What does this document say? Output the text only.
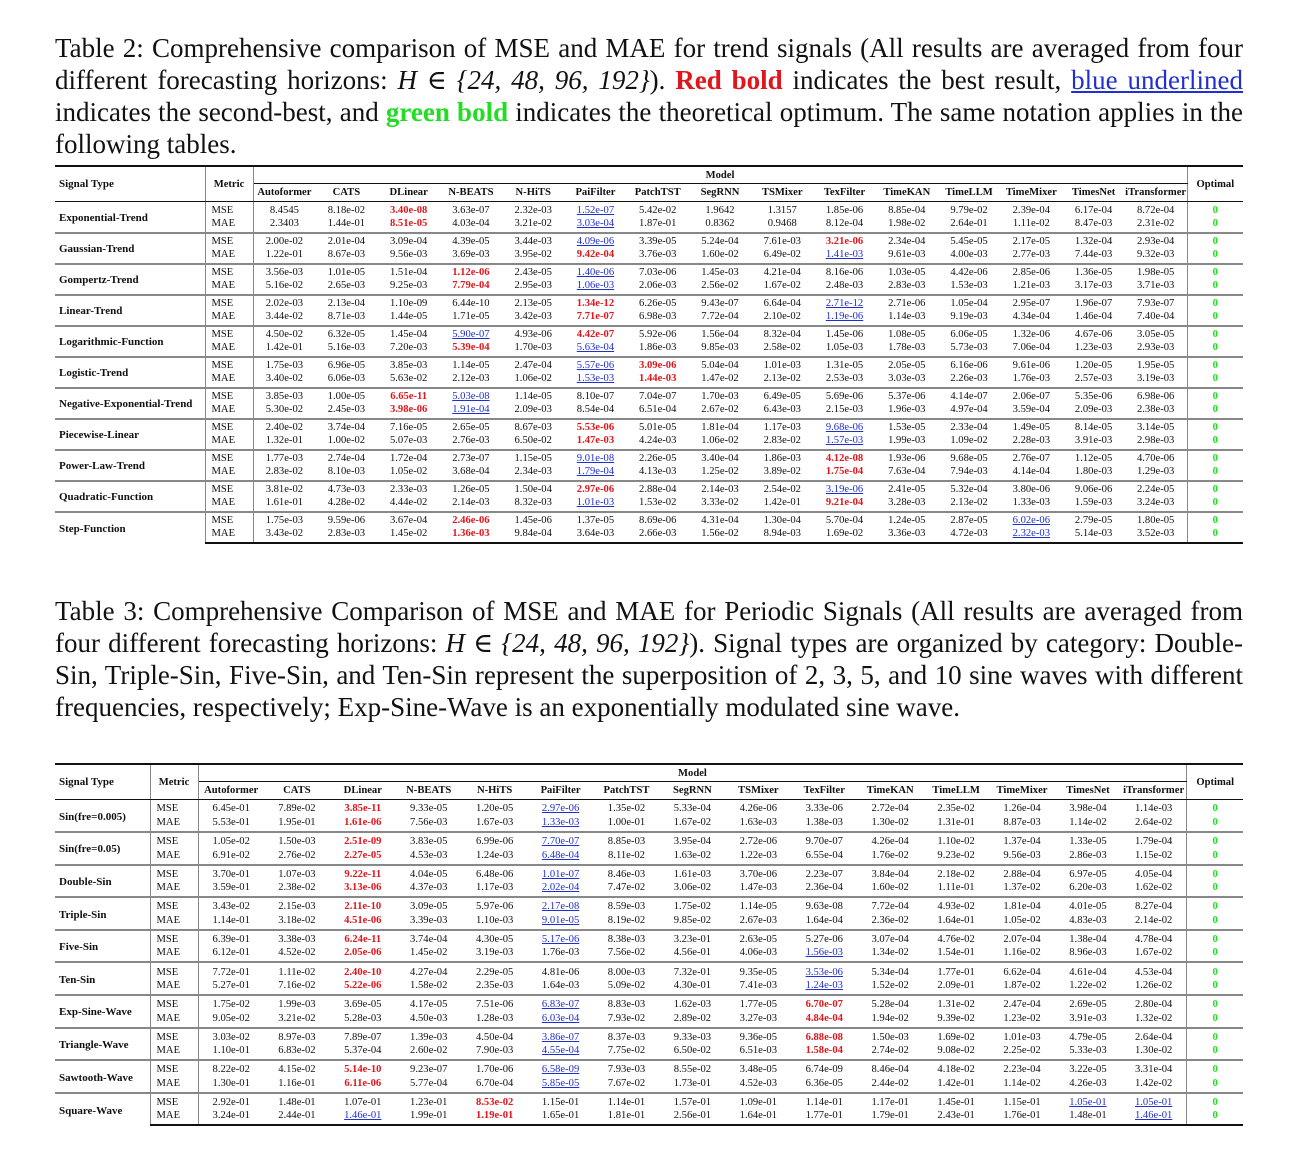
Table 2: Comprehensive comparison of MSE and MAE for trend signals (All results are averaged from four different forecasting horizons: H ∈ {24, 48, 96, 192}). Red bold indicates the best result, blue underlined indicates the second-best, and green bold indicates the theoretical optimum. The same notation applies in the following tables.
Signal Type	Metric	Model															Optimal
		Autoformer	CATS	DLinear	N-BEATS	N-HiTS	PaiFilter	PatchTST	SegRNN	TSMixer	TexFilter	TimeKAN	TimeLLM	TimeMixer	TimesNet	iTransformer	
Exponential-Trend	MSE	8.4545	8.18e-02	3.40e-08	3.63e-07	2.32e-03	1.52e-07	5.42e-02	1.9642	1.3157	1.85e-06	8.85e-04	9.79e-02	2.39e-04	6.17e-04	8.72e-04	0
	MAE	2.3403	1.44e-01	8.51e-05	4.03e-04	3.21e-02	3.03e-04	1.87e-01	0.8362	0.9468	8.12e-04	1.98e-02	2.64e-01	1.11e-02	8.47e-03	2.31e-02	0
Gaussian-Trend	MSE	2.00e-02	2.01e-04	3.09e-04	4.39e-05	3.44e-03	4.09e-06	3.39e-05	5.24e-04	7.61e-03	3.21e-06	2.34e-04	5.45e-05	2.17e-05	1.32e-04	2.93e-04	0
	MAE	1.22e-01	8.67e-03	9.56e-03	3.69e-03	3.95e-02	9.42e-04	3.76e-03	1.60e-02	6.49e-02	1.41e-03	9.61e-03	4.00e-03	2.77e-03	7.44e-03	9.32e-03	0
Gompertz-Trend	MSE	3.56e-03	1.01e-05	1.51e-04	1.12e-06	2.43e-05	1.40e-06	7.03e-06	1.45e-03	4.21e-04	8.16e-06	1.03e-05	4.42e-06	2.85e-06	1.36e-05	1.98e-05	0
	MAE	5.16e-02	2.65e-03	9.25e-03	7.79e-04	2.95e-03	1.06e-03	2.06e-03	2.56e-02	1.67e-02	2.48e-03	2.83e-03	1.53e-03	1.21e-03	3.17e-03	3.71e-03	0
Linear-Trend	MSE	2.02e-03	2.13e-04	1.10e-09	6.44e-10	2.13e-05	1.34e-12	6.26e-05	9.43e-07	6.64e-04	2.71e-12	2.71e-06	1.05e-04	2.95e-07	1.96e-07	7.93e-07	0
	MAE	3.44e-02	8.71e-03	1.44e-05	1.71e-05	3.42e-03	7.71e-07	6.98e-03	7.72e-04	2.10e-02	1.19e-06	1.14e-03	9.19e-03	4.34e-04	1.46e-04	7.40e-04	0
Logarithmic-Function	MSE	4.50e-02	6.32e-05	1.45e-04	5.90e-07	4.93e-06	4.42e-07	5.92e-06	1.56e-04	8.32e-04	1.45e-06	1.08e-05	6.06e-05	1.32e-06	4.67e-06	3.05e-05	0
	MAE	1.42e-01	5.16e-03	7.20e-03	5.39e-04	1.70e-03	5.63e-04	1.86e-03	9.85e-03	2.58e-02	1.05e-03	1.78e-03	5.73e-03	7.06e-04	1.23e-03	2.93e-03	0
Logistic-Trend	MSE	1.75e-03	6.96e-05	3.85e-03	1.14e-05	2.47e-04	5.57e-06	3.09e-06	5.04e-04	1.01e-03	1.31e-05	2.05e-05	6.16e-06	9.61e-06	1.20e-05	1.95e-05	0
	MAE	3.40e-02	6.06e-03	5.63e-02	2.12e-03	1.06e-02	1.53e-03	1.44e-03	1.47e-02	2.13e-02	2.53e-03	3.03e-03	2.26e-03	1.76e-03	2.57e-03	3.19e-03	0
Negative-Exponential-Trend	MSE	3.85e-03	1.00e-05	6.65e-11	5.03e-08	1.14e-05	8.10e-07	7.04e-07	1.70e-03	6.49e-05	5.69e-06	5.37e-06	4.14e-07	2.06e-07	5.35e-06	6.98e-06	0
	MAE	5.30e-02	2.45e-03	3.98e-06	1.91e-04	2.09e-03	8.54e-04	6.51e-04	2.67e-02	6.43e-03	2.15e-03	1.96e-03	4.97e-04	3.59e-04	2.09e-03	2.38e-03	0
Piecewise-Linear	MSE	2.40e-02	3.74e-04	7.16e-05	2.65e-05	8.67e-03	5.53e-06	5.01e-05	1.81e-04	1.17e-03	9.68e-06	1.53e-05	2.33e-04	1.49e-05	8.14e-05	3.14e-05	0
	MAE	1.32e-01	1.00e-02	5.07e-03	2.76e-03	6.50e-02	1.47e-03	4.24e-03	1.06e-02	2.83e-02	1.57e-03	1.99e-03	1.09e-02	2.28e-03	3.91e-03	2.98e-03	0
Power-Law-Trend	MSE	1.77e-03	2.74e-04	1.72e-04	2.73e-07	1.15e-05	9.01e-08	2.26e-05	3.40e-04	1.86e-03	4.12e-08	1.93e-06	9.68e-05	2.76e-07	1.12e-05	4.70e-06	0
	MAE	2.83e-02	8.10e-03	1.05e-02	3.68e-04	2.34e-03	1.79e-04	4.13e-03	1.25e-02	3.89e-02	1.75e-04	7.63e-04	7.94e-03	4.14e-04	1.80e-03	1.29e-03	0
Quadratic-Function	MSE	3.81e-02	4.73e-03	2.33e-03	1.26e-05	1.50e-04	2.97e-06	2.88e-04	2.14e-03	2.54e-02	3.19e-06	2.41e-05	5.32e-04	3.80e-06	9.06e-06	2.24e-05	0
	MAE	1.61e-01	4.28e-02	4.44e-02	2.14e-03	8.32e-03	1.01e-03	1.53e-02	3.33e-02	1.42e-01	9.21e-04	3.28e-03	2.13e-02	1.33e-03	1.59e-03	3.24e-03	0
Step-Function	MSE	1.75e-03	9.59e-06	3.67e-04	2.46e-06	1.45e-06	1.37e-05	8.69e-06	4.31e-04	1.30e-04	5.70e-04	1.24e-05	2.87e-05	6.02e-06	2.79e-05	1.80e-05	0
	MAE	3.43e-02	2.83e-03	1.45e-02	1.36e-03	9.84e-04	3.64e-03	2.66e-03	1.56e-02	8.94e-03	1.69e-02	3.36e-03	4.72e-03	2.32e-03	5.14e-03	3.52e-03	0
Table 3: Comprehensive Comparison of MSE and MAE for Periodic Signals (All results are averaged from four different forecasting horizons: H ∈ {24, 48, 96, 192}). Signal types are organized by category: Double-Sin, Triple-Sin, Five-Sin, and Ten-Sin represent the superposition of 2, 3, 5, and 10 sine waves with different frequencies, respectively; Exp-Sine-Wave is an exponentially modulated sine wave.
Signal Type	Metric	Model															Optimal
		Autoformer	CATS	DLinear	N-BEATS	N-HiTS	PaiFilter	PatchTST	SegRNN	TSMixer	TexFilter	TimeKAN	TimeLLM	TimeMixer	TimesNet	iTransformer	
Sin(fre=0.005)	MSE	6.45e-01	7.89e-02	3.85e-11	9.33e-05	1.20e-05	2.97e-06	1.35e-02	5.33e-04	4.26e-06	3.33e-06	2.72e-04	2.35e-02	1.26e-04	3.98e-04	1.14e-03	0
	MAE	5.53e-01	1.95e-01	1.61e-06	7.56e-03	1.67e-03	1.33e-03	1.00e-01	1.67e-02	1.63e-03	1.38e-03	1.30e-02	1.31e-01	8.87e-03	1.14e-02	2.64e-02	0
Sin(fre=0.05)	MSE	1.05e-02	1.50e-03	2.51e-09	3.83e-05	6.99e-06	7.70e-07	8.85e-03	3.95e-04	2.72e-06	9.70e-07	4.26e-04	1.10e-02	1.37e-04	1.33e-05	1.79e-04	0
	MAE	6.91e-02	2.76e-02	2.27e-05	4.53e-03	1.24e-03	6.48e-04	8.11e-02	1.63e-02	1.22e-03	6.55e-04	1.76e-02	9.23e-02	9.56e-03	2.86e-03	1.15e-02	0
Double-Sin	MSE	3.70e-01	1.07e-03	9.22e-11	4.04e-05	6.48e-06	1.01e-07	8.46e-03	1.61e-03	3.70e-06	2.23e-07	3.84e-04	2.18e-02	2.88e-04	6.97e-05	4.05e-04	0
	MAE	3.59e-01	2.38e-02	3.13e-06	4.37e-03	1.17e-03	2.02e-04	7.47e-02	3.06e-02	1.47e-03	2.36e-04	1.60e-02	1.11e-01	1.37e-02	6.20e-03	1.62e-02	0
Triple-Sin	MSE	3.43e-02	2.15e-03	2.11e-10	3.09e-05	5.97e-06	2.17e-08	8.59e-03	1.75e-02	1.14e-05	9.63e-08	7.72e-04	4.93e-02	1.81e-04	4.01e-05	8.27e-04	0
	MAE	1.14e-01	3.18e-02	4.51e-06	3.39e-03	1.10e-03	9.01e-05	8.19e-02	9.85e-02	2.67e-03	1.64e-04	2.36e-02	1.64e-01	1.05e-02	4.83e-03	2.14e-02	0
Five-Sin	MSE	6.39e-01	3.38e-03	6.24e-11	3.74e-04	4.30e-05	5.17e-06	8.38e-03	3.23e-01	2.63e-05	5.27e-06	3.07e-04	4.76e-02	2.07e-04	1.38e-04	4.78e-04	0
	MAE	6.12e-01	4.52e-02	2.05e-06	1.45e-02	3.19e-03	1.76e-03	7.56e-02	4.56e-01	4.06e-03	1.56e-03	1.34e-02	1.54e-01	1.16e-02	8.96e-03	1.67e-02	0
Ten-Sin	MSE	7.72e-01	1.11e-02	2.40e-10	4.27e-04	2.29e-05	4.81e-06	8.00e-03	7.32e-01	9.35e-05	3.53e-06	5.34e-04	1.77e-01	6.62e-04	4.61e-04	4.53e-04	0
	MAE	5.27e-01	7.16e-02	5.22e-06	1.58e-02	2.35e-03	1.64e-03	5.09e-02	4.30e-01	7.41e-03	1.24e-03	1.52e-02	2.09e-01	1.87e-02	1.22e-02	1.26e-02	0
Exp-Sine-Wave	MSE	1.75e-02	1.99e-03	3.69e-05	4.17e-05	7.51e-06	6.83e-07	8.83e-03	1.62e-03	1.77e-05	6.70e-07	5.28e-04	1.31e-02	2.47e-04	2.69e-05	2.80e-04	0
	MAE	9.05e-02	3.21e-02	5.28e-03	4.50e-03	1.28e-03	6.03e-04	7.93e-02	2.89e-02	3.27e-03	4.84e-04	1.94e-02	9.39e-02	1.23e-02	3.91e-03	1.32e-02	0
Triangle-Wave	MSE	3.03e-02	8.97e-03	7.89e-07	1.39e-03	4.50e-04	3.86e-07	8.37e-03	9.33e-03	9.36e-05	6.88e-08	1.50e-03	1.69e-02	1.01e-03	4.79e-05	2.64e-04	0
	MAE	1.10e-01	6.83e-02	5.37e-04	2.60e-02	7.90e-03	4.55e-04	7.75e-02	6.50e-02	6.51e-03	1.58e-04	2.74e-02	9.08e-02	2.25e-02	5.33e-03	1.30e-02	0
Sawtooth-Wave	MSE	8.22e-02	4.15e-02	5.14e-10	9.23e-07	1.70e-06	6.58e-09	7.93e-03	8.55e-02	3.48e-05	6.74e-09	8.46e-04	4.18e-02	2.23e-04	3.22e-05	3.31e-04	0
	MAE	1.30e-01	1.16e-01	6.11e-06	5.77e-04	6.70e-04	5.85e-05	7.67e-02	1.73e-01	4.52e-03	6.36e-05	2.44e-02	1.42e-01	1.14e-02	4.26e-03	1.42e-02	0
Square-Wave	MSE	2.92e-01	1.48e-01	1.07e-01	1.23e-01	8.53e-02	1.15e-01	1.14e-01	1.57e-01	1.09e-01	1.14e-01	1.17e-01	1.45e-01	1.15e-01	1.05e-01	1.05e-01	0
	MAE	3.24e-01	2.44e-01	1.46e-01	1.99e-01	1.19e-01	1.65e-01	1.81e-01	2.56e-01	1.64e-01	1.77e-01	1.79e-01	2.43e-01	1.76e-01	1.48e-01	1.46e-01	0
